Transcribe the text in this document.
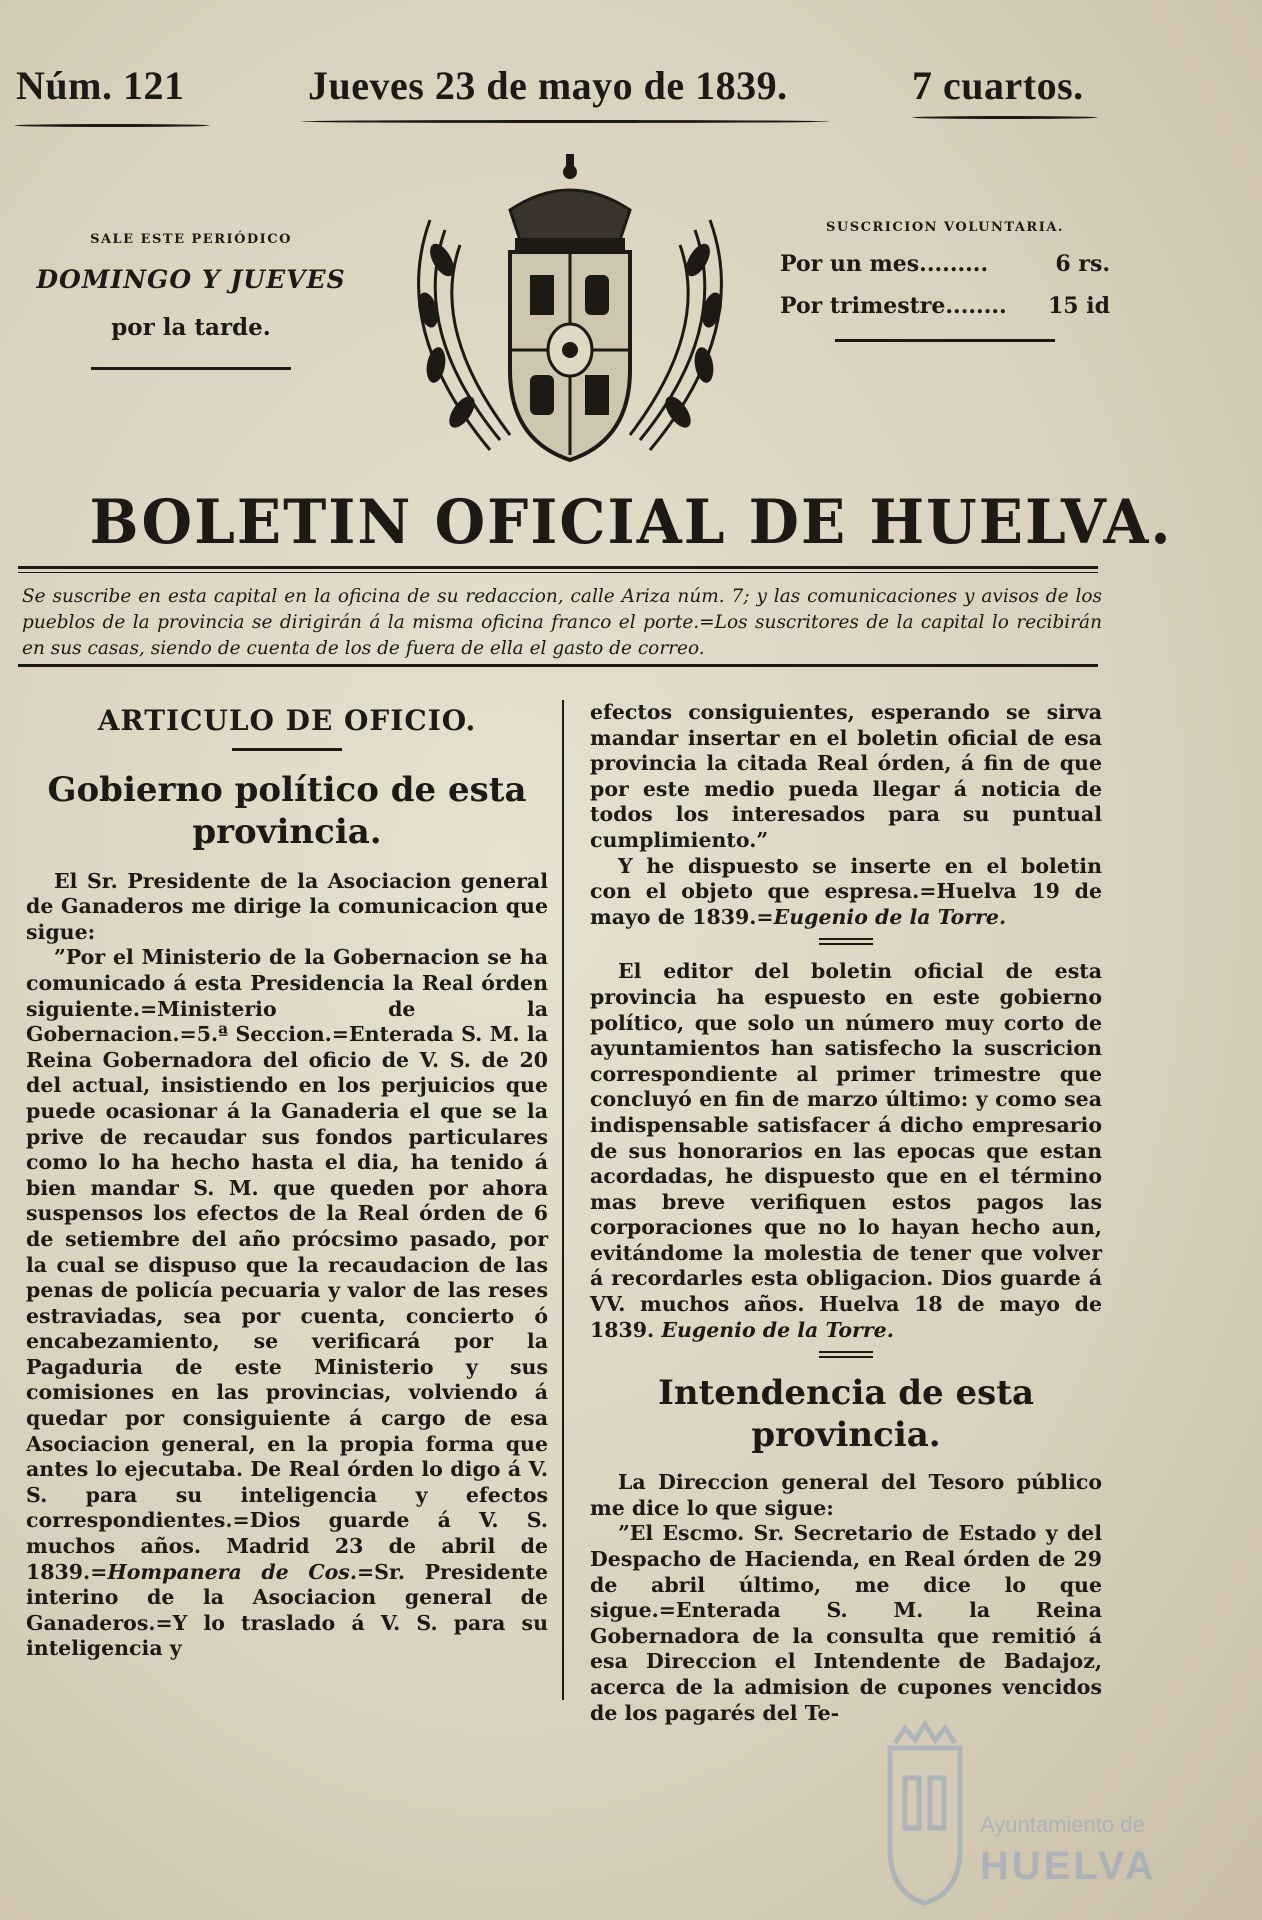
Núm. 121	Jueves 23 de mayo de 1839.	7 cuartos.
SALE ESTE PERIÓDICO
DOMINGO Y JUEVES
por la tarde.
SUSCRICION VOLUNTARIA.
Por un mes.........	6 rs.
Por trimestre........ 15 id
BOLETIN OFICIAL DE HUELVA.
Se suscribe en esta capital en la oficina de su redaccion, calle Ariza núm. 7; y las comunicaciones y avisos de los pueblos de la provincia se dirigirán á la misma oficina franco el porte.=Los suscritores de la capital lo recibirán en sus casas, siendo de cuenta de los de fuera de ella el gasto de correo.
ARTICULO DE OFICIO.
Gobierno político de esta provincia.

El Sr. Presidente de la Asociacion general de Ganaderos me dirige la comunicacion que sigue:

”Por el Ministerio de la Gobernacion se ha comunicado á esta Presidencia la Real órden siguiente.=Ministerio de la Gobernacion.=5.ª Seccion.=Enterada S. M. la Reina Gobernadora del oficio de V. S. de 20 del actual, insistiendo en los perjuicios que puede ocasionar á la Ganaderia el que se la prive de recaudar sus fondos particulares como lo ha hecho hasta el dia, ha tenido á bien mandar S. M. que queden por ahora suspensos los efectos de la Real órden de 6 de setiembre del año prócsimo pasado, por la cual se dispuso que la recaudacion de las penas de policía pecuaria y valor de las reses estraviadas, sea por cuenta, concierto ó encabezamiento, se verificará por la Pagaduria de este Ministerio y sus comisiones en las provincias, volviendo á quedar por consiguiente á cargo de esa Asociacion general, en la propia forma que antes lo ejecutaba. De Real órden lo digo á V. S. para su inteligencia y efectos correspondientes.=Dios guarde á V. S. muchos años. Madrid 23 de abril de 1839.=Hompanera de Cos.=Sr. Presidente interino de la Asociacion general de Ganaderos.=Y lo traslado á V. S. para su inteligencia y

efectos consiguientes, esperando se sirva mandar insertar en el boletin oficial de esa provincia la citada Real órden, á fin de que por este medio pueda llegar á noticia de todos los interesados para su puntual cumplimiento.”

Y he dispuesto se inserte en el boletin con el objeto que espresa.=Huelva 19 de mayo de 1839.=Eugenio de la Torre.

El editor del boletin oficial de esta provincia ha espuesto en este gobierno político, que solo un número muy corto de ayuntamientos han satisfecho la suscricion correspondiente al primer trimestre que concluyó en fin de marzo último: y como sea indispensable satisfacer á dicho empresario de sus honorarios en las epocas que estan acordadas, he dispuesto que en el término mas breve verifiquen estos pagos las corporaciones que no lo hayan hecho aun, evitándome la molestia de tener que volver á recordarles esta obligacion. Dios guarde á VV. muchos años. Huelva 18 de mayo de 1839. Eugenio de la Torre.

Intendencia de esta provincia.

La Direccion general del Tesoro público me dice lo que sigue:

”El Escmo. Sr. Secretario de Estado y del Despacho de Hacienda, en Real órden de 29 de abril último, me dice lo que sigue.=Enterada S. M. la Reina Gobernadora de la consulta que remitió á esa Direccion el Intendente de Badajoz, acerca de la admision de cupones vencidos de los pagarés del Te-

Ayuntamiento de
HUELVA
